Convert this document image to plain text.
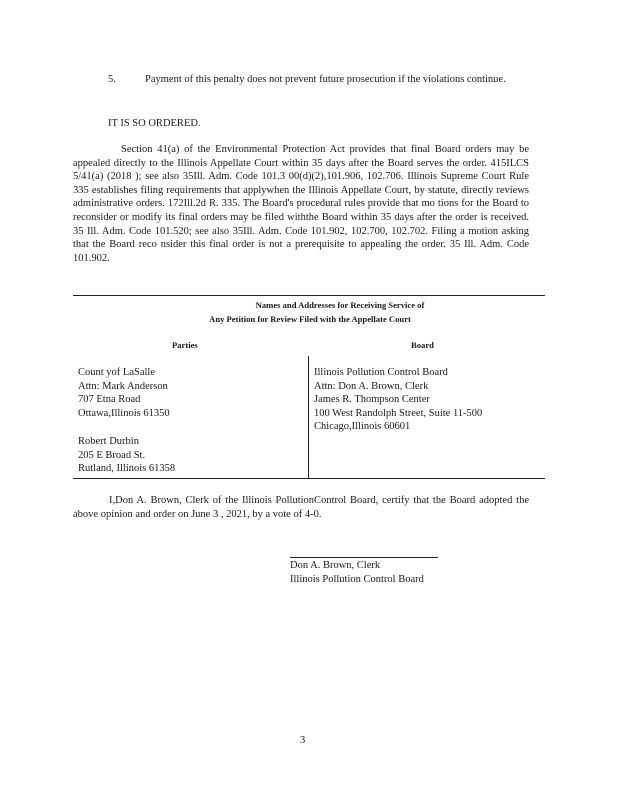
5.	Payment of this penalty does not prevent future prosecution if the violations continue.
IT IS SO ORDERED.

Section 41(a) of the Environmental Protection Act provides that final Board orders may be appealed directly to the Illinois Appellate Court within 35 days after the Board serves the order. 415ILCS 5/41(a) (2018 ); see also 35Ill. Adm. Code 101.3 00(d)(2),101.906, 102.706. Illinois Supreme Court Rule 335 establishes filing requirements that applywhen the Illinois Appellate Court, by statute, directly reviews administrative orders. 172Ill.2d R. 335. The Board's procedural rules provide that mo tions for the Board to reconsider or modify its final orders may be filed withthe Board within 35 days after the order is received. 35 Ill. Adm. Code 101.520; see also 35Ill. Adm. Code 101.902, 102.700, 102.702. Filing a motion asking that the Board reco nsider this final order is not a prerequisite to appealing the order. 35 Ill. Adm. Code 101.902.

Names and Addresses for Receiving Service of
Any Petition for Review Filed with the Appellate Court
Parties	Board
Count yof LaSalle
Attn: Mark Anderson
707 Etna Road
Ottawa,Illinois 61350
Robert Durbin
205 E Broad St.
Rutland, Illinois 61358
Illinois Pollution Control Board
Attn: Don A. Brown, Clerk
James R. Thompson Center
100 West Randolph Street, Suite 11-500
Chicago,Illinois 60601
I,Don A. Brown, Clerk of the Illinois PollutionControl Board, certify that the Board adopted the above opinion and order on June 3 , 2021, by a vote of 4-0.
Don A. Brown, Clerk
Illinois Pollution Control Board
3
